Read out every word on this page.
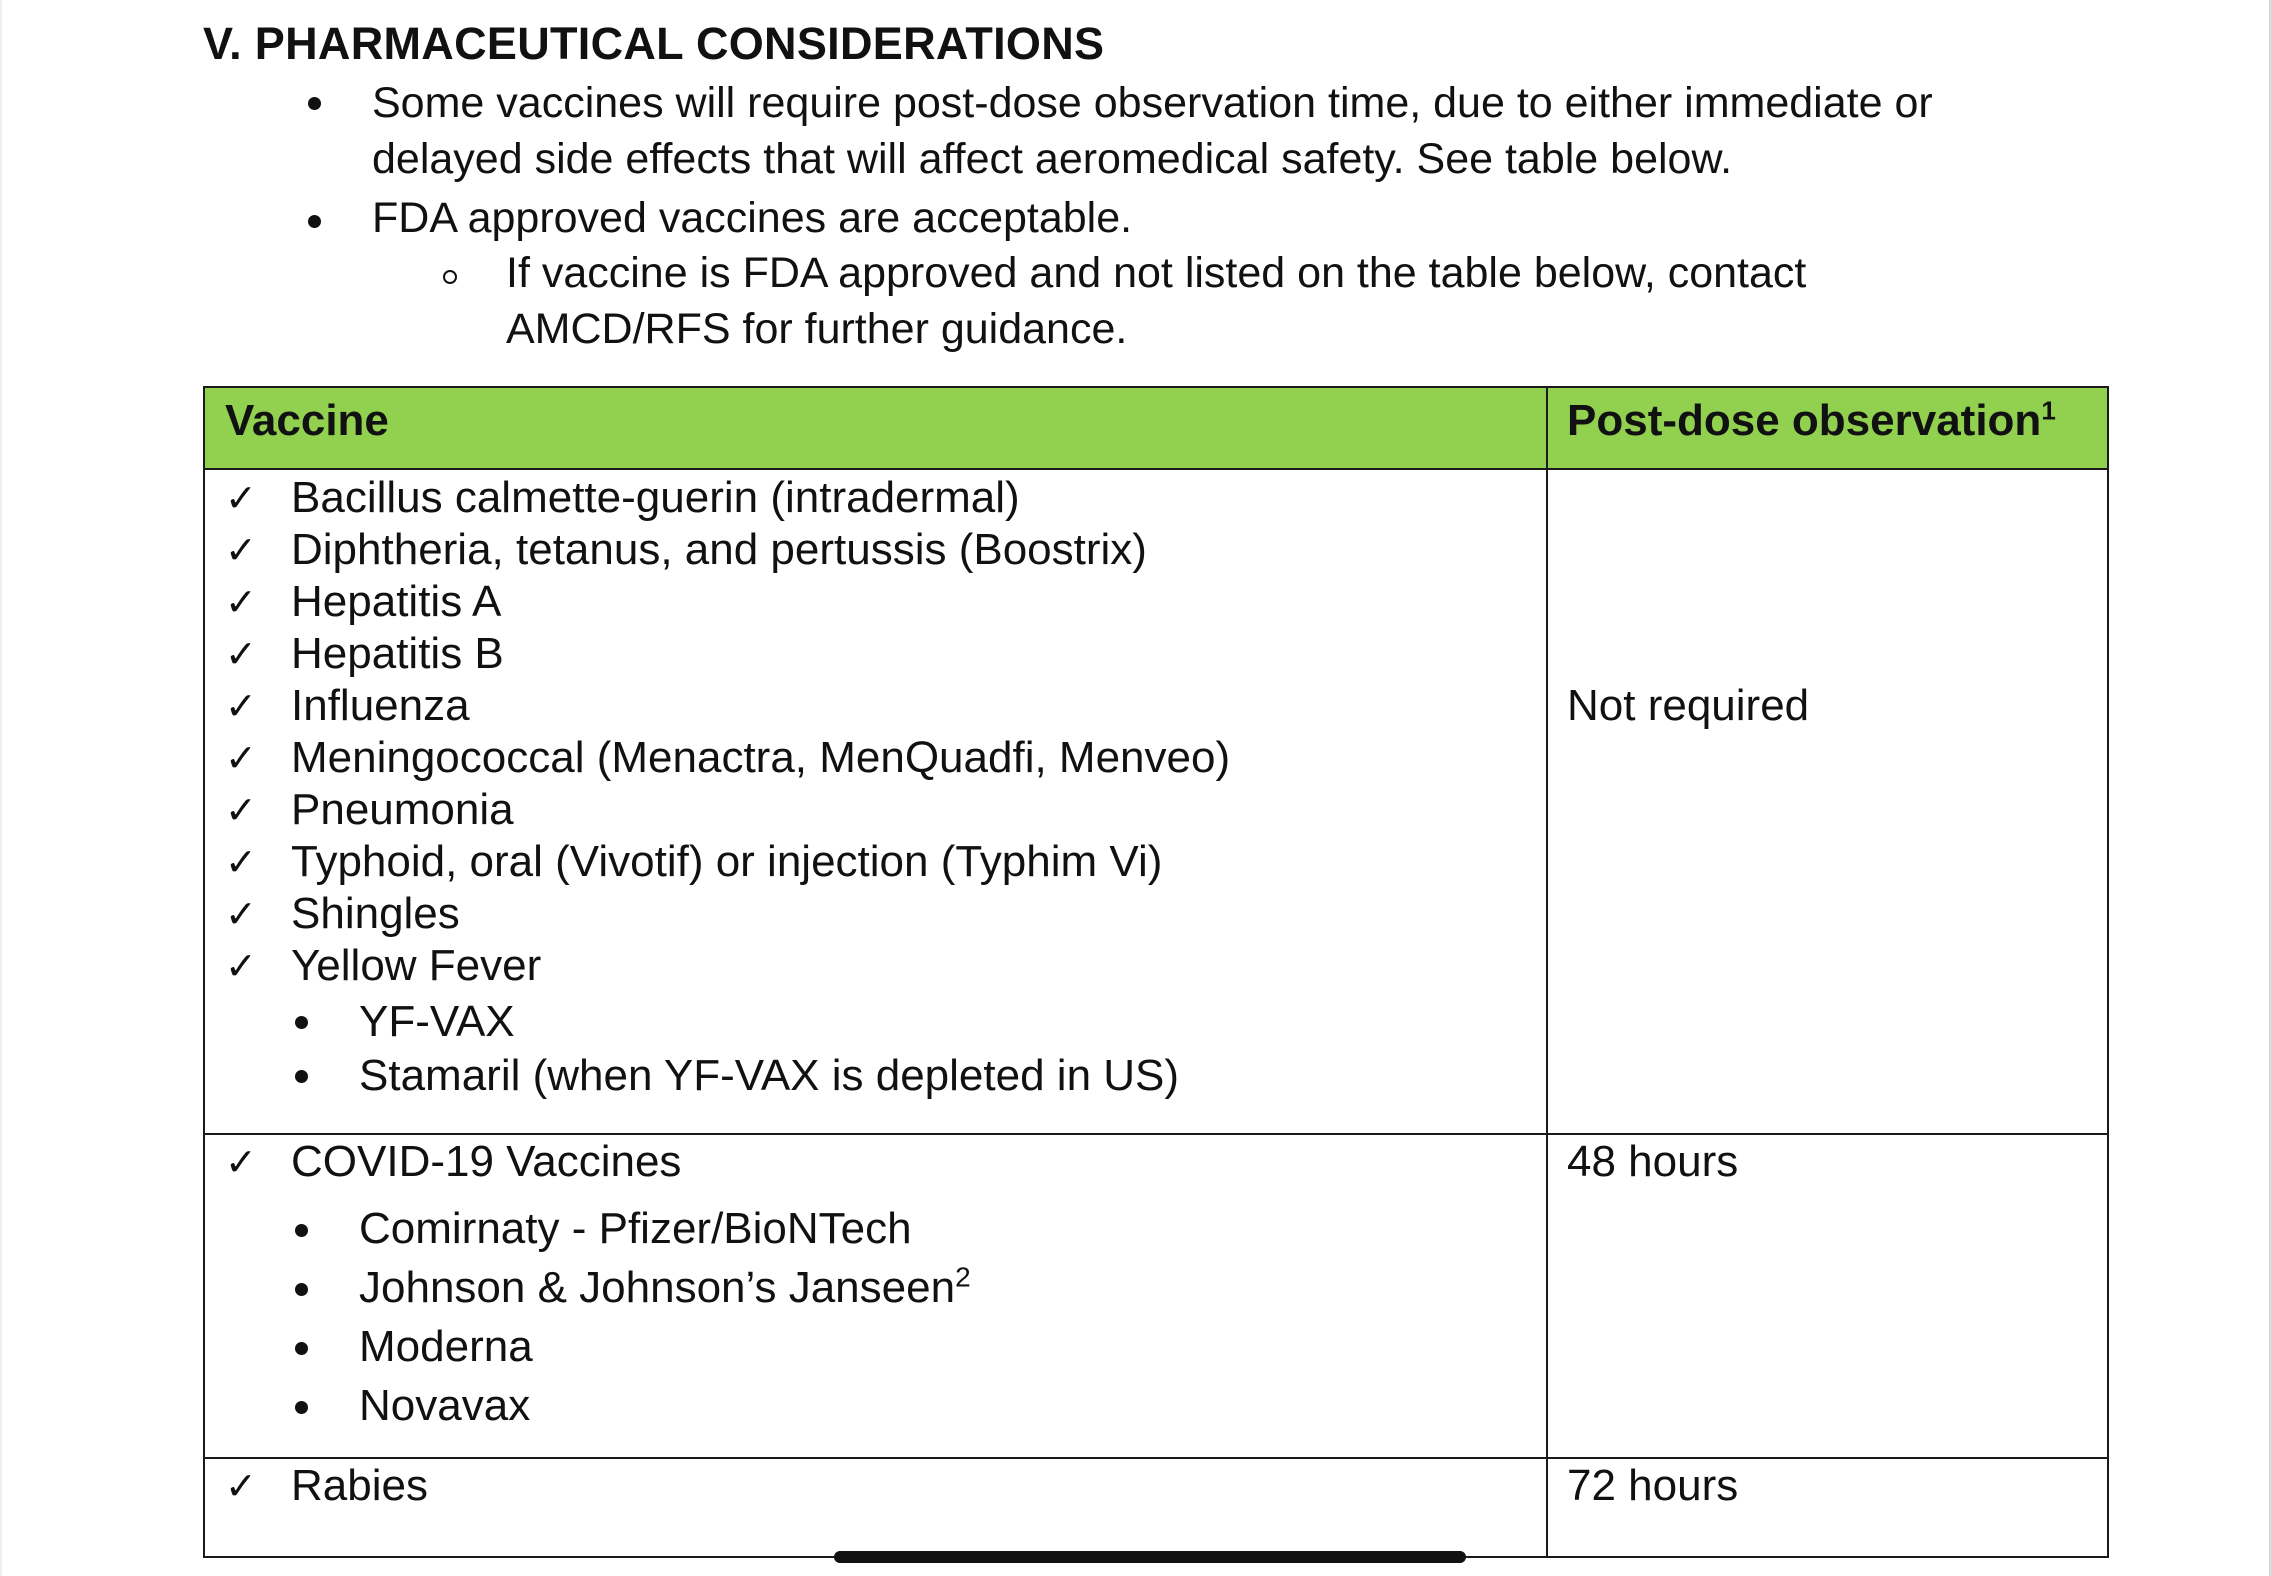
V. PHARMACEUTICAL CONSIDERATIONS
Some vaccines will require post-dose observation time, due to either immediate or
delayed side effects that will affect aeromedical safety. See table below.
FDA approved vaccines are acceptable.
If vaccine is FDA approved and not listed on the table below, contact
AMCD/RFS for further guidance.
Vaccine	Post-dose observation$^1$
✓ Bacillus calmette-guerin (intradermal)
✓ Diphtheria, tetanus, and pertussis (Boostrix)
✓ Hepatitis A
✓ Hepatitis B
✓ Influenza
✓ Meningococcal (Menactra, MenQuadfi, Menveo)
✓ Pneumonia
✓ Typhoid, oral (Vivotif) or injection (Typhim Vi)
✓ Shingles
✓ Yellow Fever
YF-VAX
Stamaril (when YF-VAX is depleted in US)
Not required
✓ COVID-19 Vaccines
Comirnaty - Pfizer/BioNTech
Johnson & Johnson’s Janseen$^2$
Moderna
Novavax
48 hours
✓ Rabies	72 hours
